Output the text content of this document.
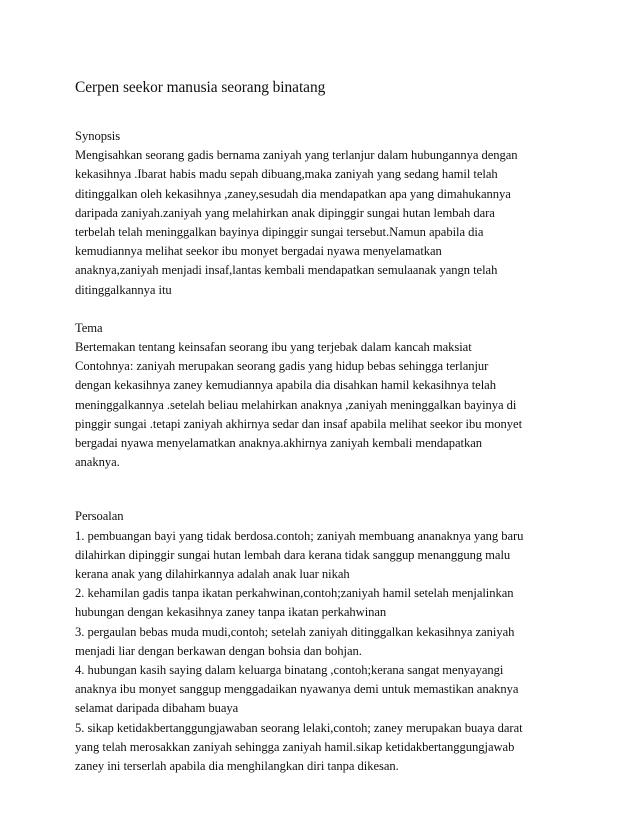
Cerpen seekor manusia seorang binatang
Synopsis
Mengisahkan seorang gadis bernama zaniyah yang terlanjur dalam hubungannya dengan
kekasihnya .Ibarat habis madu sepah dibuang,maka zaniyah yang sedang hamil telah
ditinggalkan oleh kekasihnya ,zaney,sesudah dia mendapatkan apa yang dimahukannya
daripada zaniyah.zaniyah yang melahirkan anak dipinggir sungai hutan lembah dara
terbelah telah meninggalkan bayinya dipinggir sungai tersebut.Namun apabila dia
kemudiannya melihat seekor ibu monyet bergadai nyawa menyelamatkan
anaknya,zaniyah menjadi insaf,lantas kembali mendapatkan semulaanak yangn telah
ditinggalkannya itu
Tema
Bertemakan tentang keinsafan seorang ibu yang terjebak dalam kancah maksiat
Contohnya: zaniyah merupakan seorang gadis yang hidup bebas sehingga terlanjur
dengan kekasihnya zaney kemudiannya apabila dia disahkan hamil kekasihnya telah
meninggalkannya .setelah beliau melahirkan anaknya ,zaniyah meninggalkan bayinya di
pinggir sungai .tetapi zaniyah akhirnya sedar dan insaf apabila melihat seekor ibu monyet
bergadai nyawa menyelamatkan anaknya.akhirnya zaniyah kembali mendapatkan
anaknya.
Persoalan
1. pembuangan bayi yang tidak berdosa.contoh; zaniyah membuang ananaknya yang baru
dilahirkan dipinggir sungai hutan lembah dara kerana tidak sanggup menanggung malu
kerana anak yang dilahirkannya adalah anak luar nikah
2. kehamilan gadis tanpa ikatan perkahwinan,contoh;zaniyah hamil setelah menjalinkan
hubungan dengan kekasihnya zaney tanpa ikatan perkahwinan
3. pergaulan bebas muda mudi,contoh; setelah zaniyah ditinggalkan kekasihnya zaniyah
menjadi liar dengan berkawan dengan bohsia dan bohjan.
4. hubungan kasih saying dalam keluarga binatang ,contoh;kerana sangat menyayangi
anaknya ibu monyet sanggup menggadaikan nyawanya demi untuk memastikan anaknya
selamat daripada dibaham buaya
5. sikap ketidakbertanggungjawaban seorang lelaki,contoh; zaney merupakan buaya darat
yang telah merosakkan zaniyah sehingga zaniyah hamil.sikap ketidakbertanggungjawab
zaney ini terserlah apabila dia menghilangkan diri tanpa dikesan.
